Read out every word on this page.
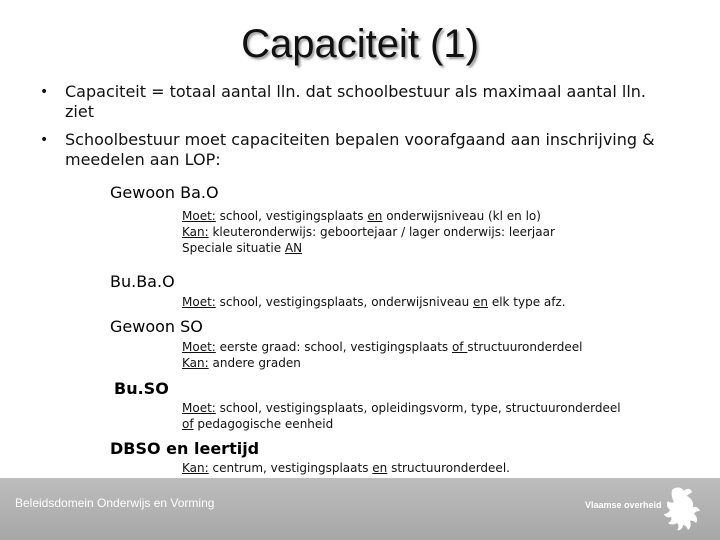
Capaciteit (1)
• Capaciteit = totaal aantal lln. dat schoolbestuur als maximaal aantal lln. ziet
• Schoolbestuur moet capaciteiten bepalen voorafgaand aan inschrijving & meedelen aan LOP:
Gewoon Ba.O
Moet: school, vestigingsplaats en onderwijsniveau (kl en lo)
Kan: kleuteronderwijs: geboortejaar / lager onderwijs: leerjaar
Speciale situatie AN
Bu.Ba.O
Moet: school, vestigingsplaats, onderwijsniveau en elk type afz.
Gewoon SO
Moet: eerste graad: school, vestigingsplaats of structuuronderdeel
Kan: andere graden
Bu.SO
Moet: school, vestigingsplaats, opleidingsvorm, type, structuuronderdeel
of pedagogische eenheid
DBSO en leertijd
Kan: centrum, vestigingsplaats en structuuronderdeel.
Beleidsdomein Onderwijs en Vorming	Vlaamse overheid
